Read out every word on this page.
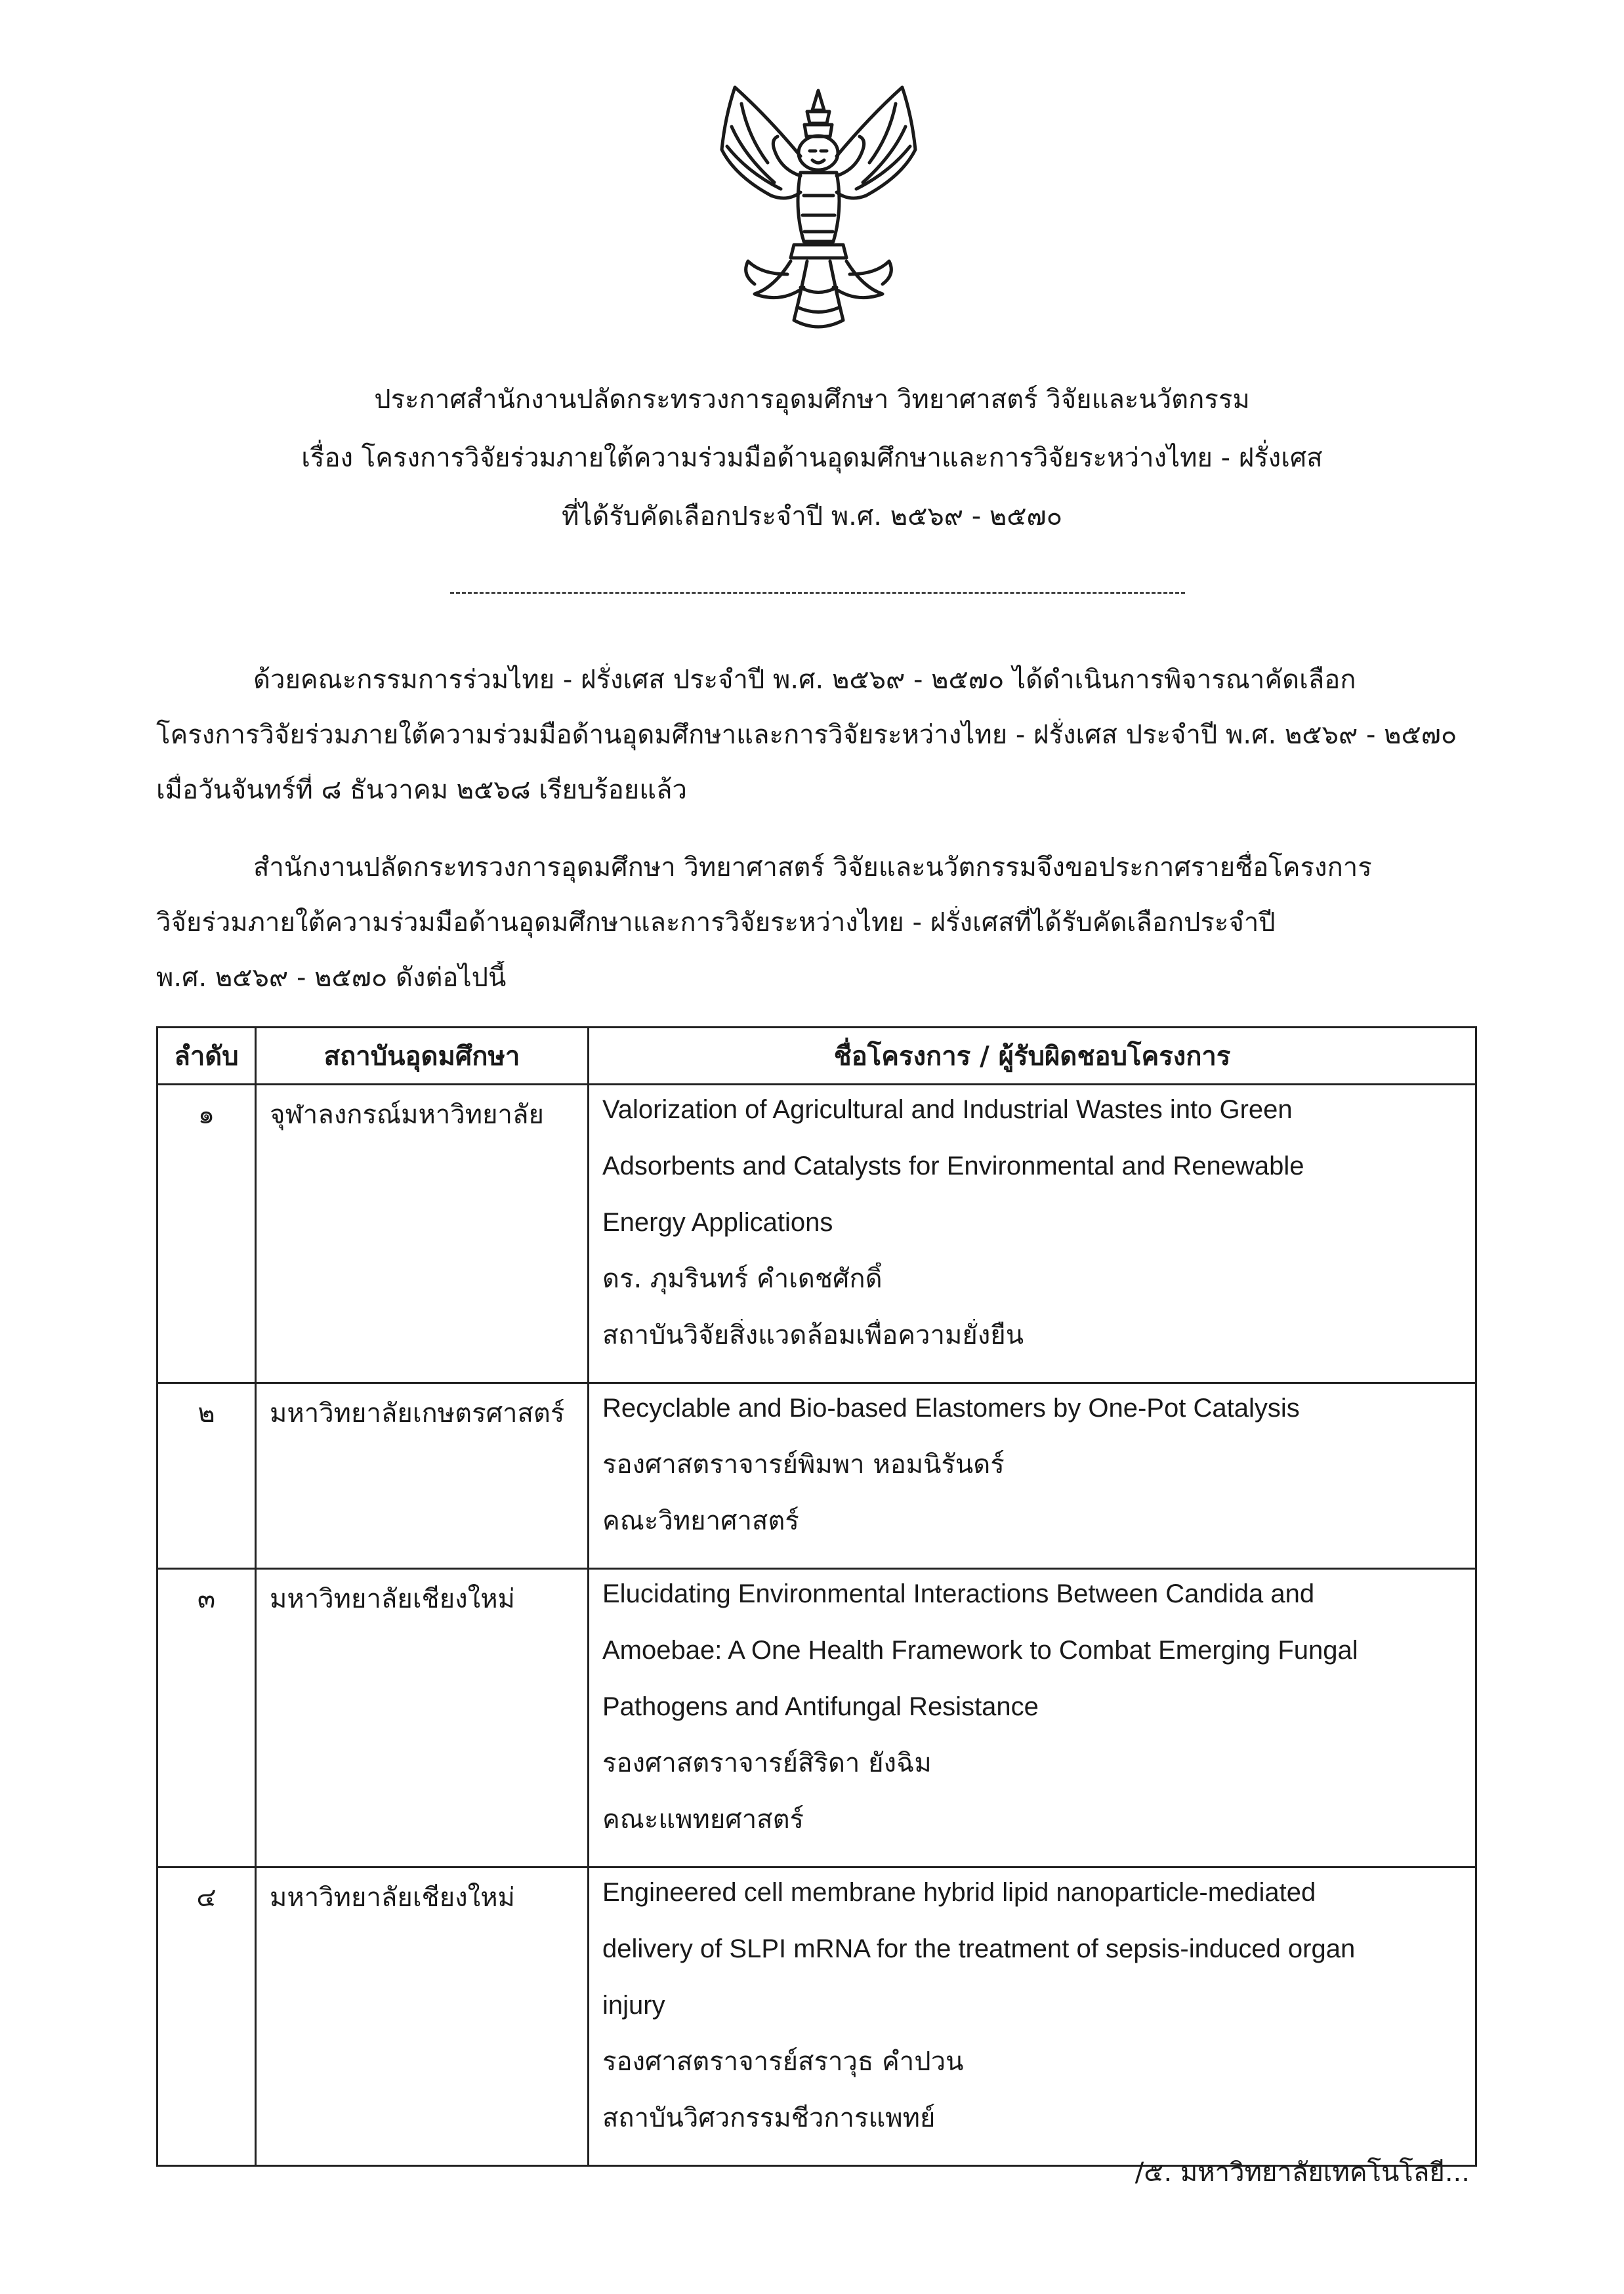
ประกาศสำนักงานปลัดกระทรวงการอุดมศึกษา วิทยาศาสตร์ วิจัยและนวัตกรรม
เรื่อง โครงการวิจัยร่วมภายใต้ความร่วมมือด้านอุดมศึกษาและการวิจัยระหว่างไทย - ฝรั่งเศส
ที่ได้รับคัดเลือกประจำปี พ.ศ. ๒๕๖๙ - ๒๕๗๐
ด้วยคณะกรรมการร่วมไทย - ฝรั่งเศส ประจำปี พ.ศ. ๒๕๖๙ - ๒๕๗๐ ได้ดำเนินการพิจารณาคัดเลือก
โครงการวิจัยร่วมภายใต้ความร่วมมือด้านอุดมศึกษาและการวิจัยระหว่างไทย - ฝรั่งเศส ประจำปี พ.ศ. ๒๕๖๙ - ๒๕๗๐
เมื่อวันจันทร์ที่ ๘ ธันวาคม ๒๕๖๘ เรียบร้อยแล้ว
สำนักงานปลัดกระทรวงการอุดมศึกษา วิทยาศาสตร์ วิจัยและนวัตกรรมจึงขอประกาศรายชื่อโครงการ
วิจัยร่วมภายใต้ความร่วมมือด้านอุดมศึกษาและการวิจัยระหว่างไทย - ฝรั่งเศสที่ได้รับคัดเลือกประจำปี
พ.ศ. ๒๕๖๙ - ๒๕๗๐ ดังต่อไปนี้
ลำดับ	สถาบันอุดมศึกษา	ชื่อโครงการ / ผู้รับผิดชอบโครงการ
๑	จุฬาลงกรณ์มหาวิทยาลัย	Valorization of Agricultural and Industrial Wastes into Green
Adsorbents and Catalysts for Environmental and Renewable
Energy Applications
ดร. ภุมรินทร์ คำเดชศักดิ์
สถาบันวิจัยสิ่งแวดล้อมเพื่อความยั่งยืน

๒	มหาวิทยาลัยเกษตรศาสตร์	Recyclable and Bio-based Elastomers by One-Pot Catalysis
รองศาสตราจารย์พิมพา หอมนิรันดร์
คณะวิทยาศาสตร์

๓	มหาวิทยาลัยเชียงใหม่	Elucidating Environmental Interactions Between Candida and
Amoebae: A One Health Framework to Combat Emerging Fungal
Pathogens and Antifungal Resistance
รองศาสตราจารย์สิริดา ยังฉิม
คณะแพทยศาสตร์

๔	มหาวิทยาลัยเชียงใหม่	Engineered cell membrane hybrid lipid nanoparticle-mediated
delivery of SLPI mRNA for the treatment of sepsis-induced organ
injury
รองศาสตราจารย์สราวุธ คำปวน
สถาบันวิศวกรรมชีวการแพทย์
/๕. มหาวิทยาลัยเทคโนโลยี...
